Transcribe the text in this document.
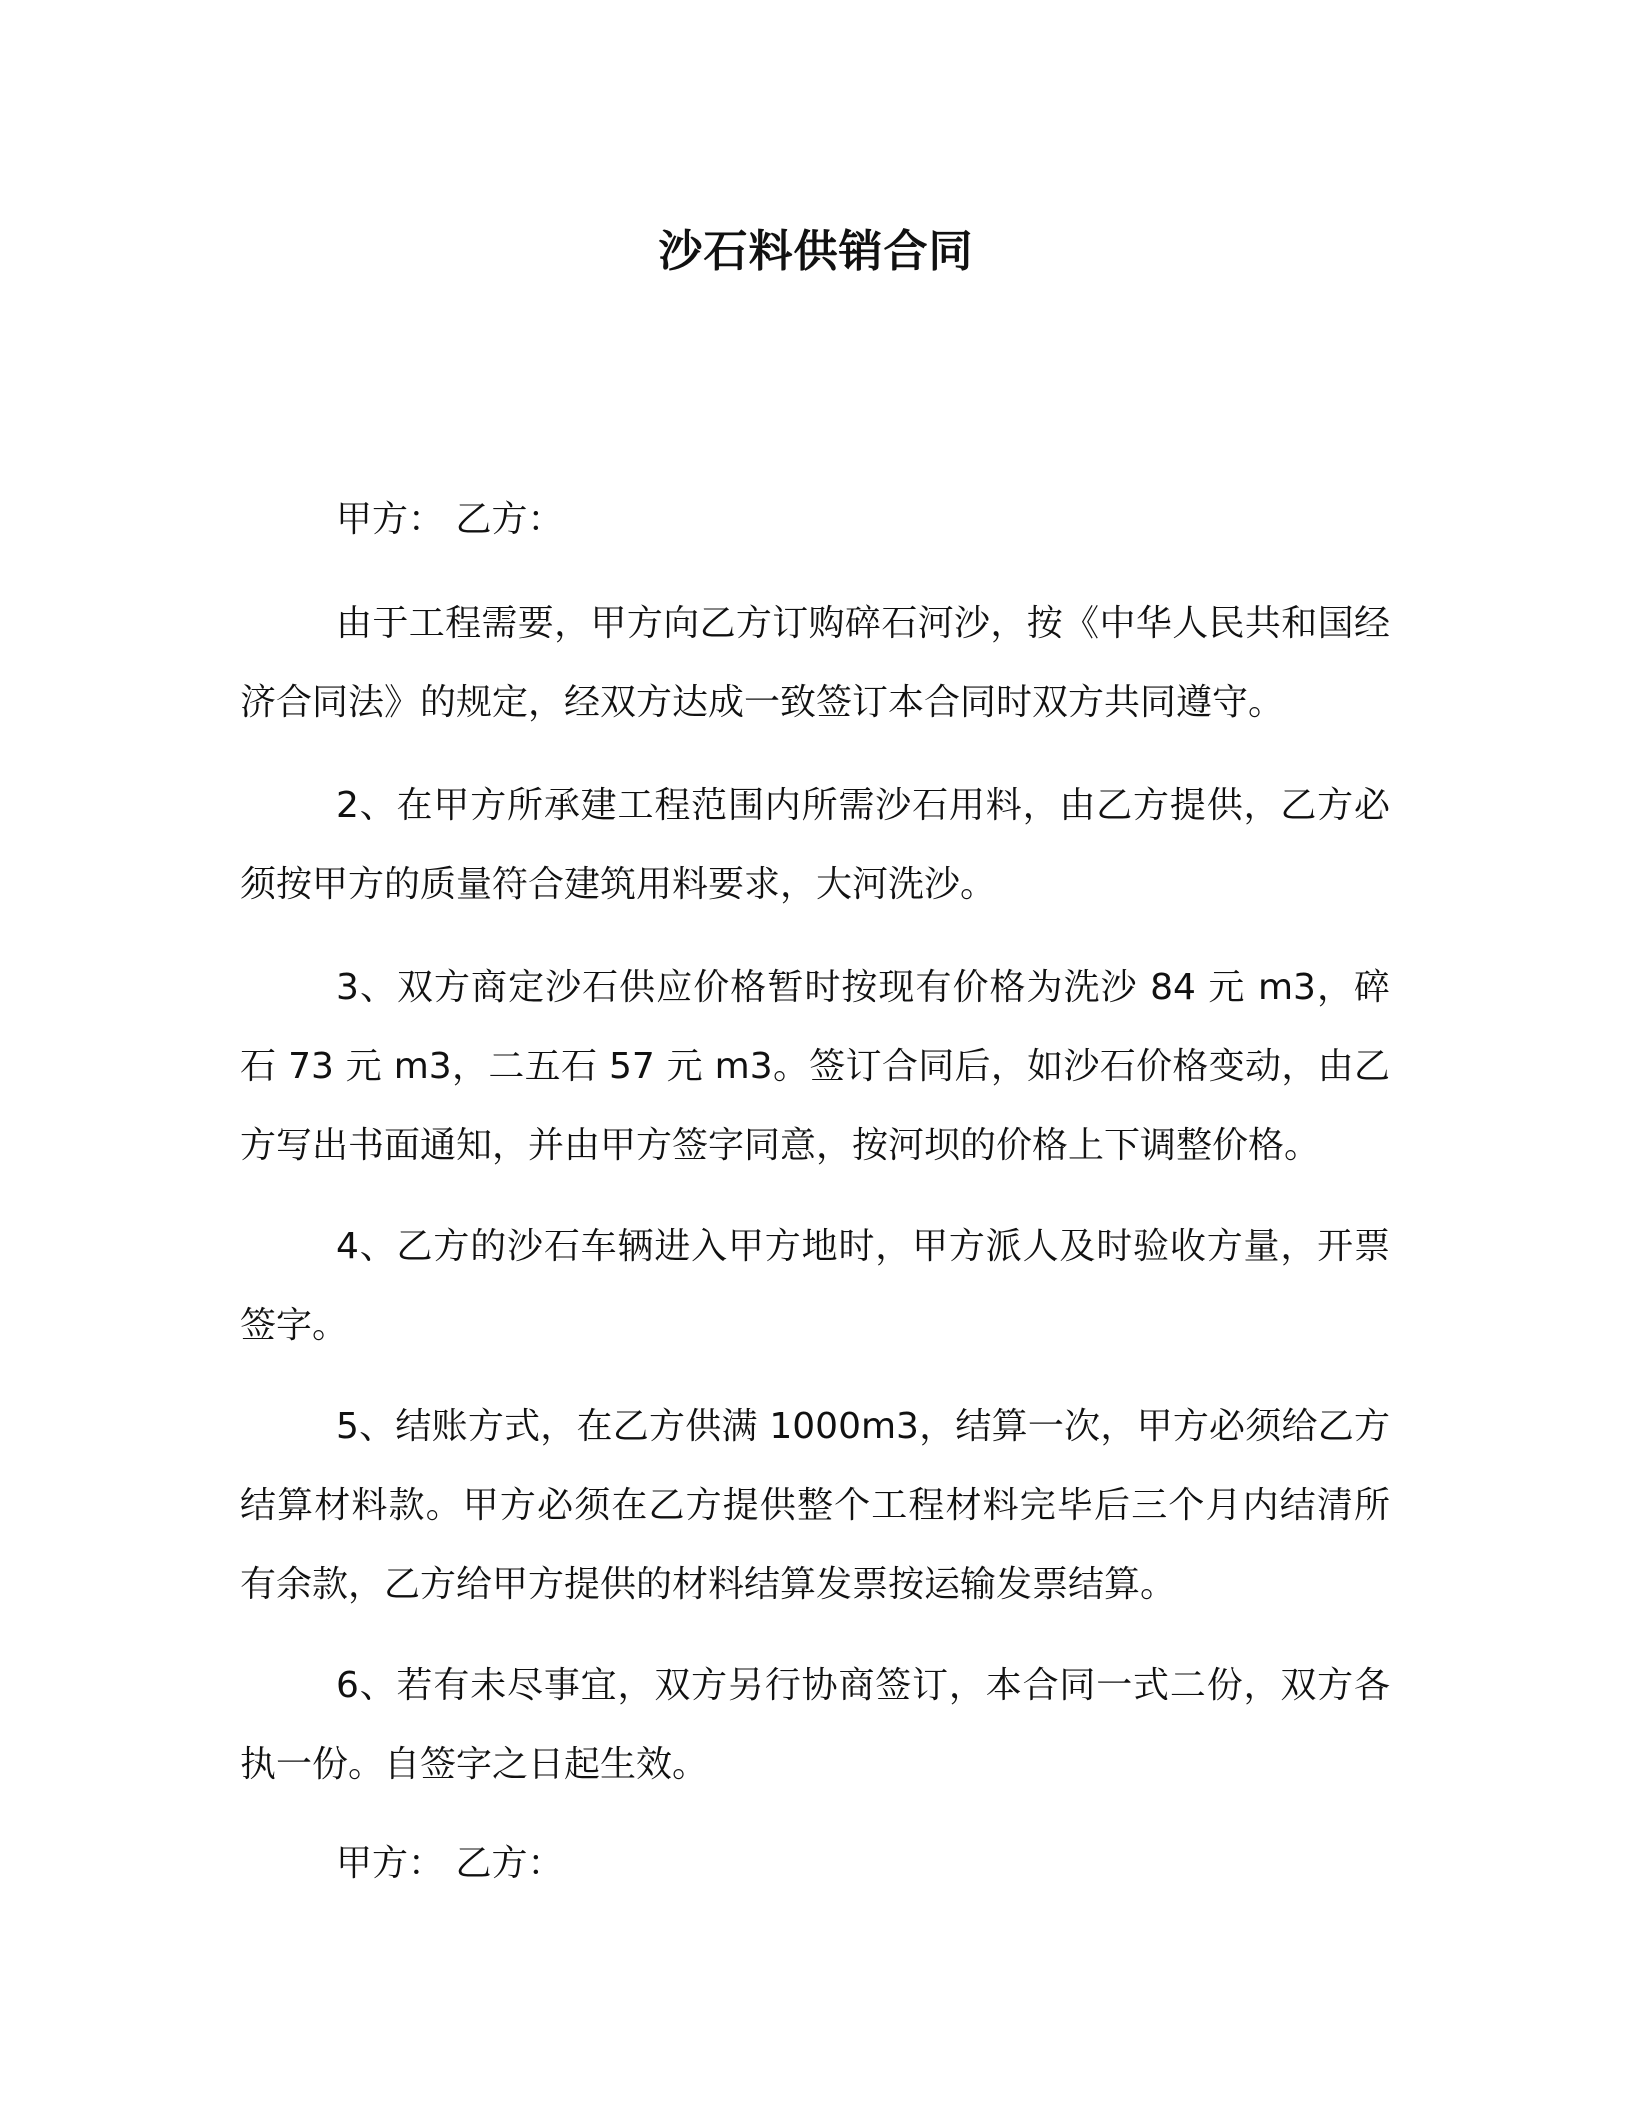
沙石料供销合同

甲方： 乙方：

由于工程需要，甲方向乙方订购碎石河沙，按《中华人民共和国经济合同法》的规定，经双方达成一致签订本合同时双方共同遵守。

2、在甲方所承建工程范围内所需沙石用料，由乙方提供，乙方必须按甲方的质量符合建筑用料要求，大河洗沙。

3、双方商定沙石供应价格暂时按现有价格为洗沙 84 元 m3，碎石 73 元 m3，二五石 57 元 m3。签订合同后，如沙石价格变动，由乙方写出书面通知，并由甲方签字同意，按河坝的价格上下调整价格。

4、乙方的沙石车辆进入甲方地时，甲方派人及时验收方量，开票签字。

5、结账方式，在乙方供满 1000m3，结算一次，甲方必须给乙方结算材料款。甲方必须在乙方提供整个工程材料完毕后三个月内结清所有余款，乙方给甲方提供的材料结算发票按运输发票结算。

6、若有未尽事宜，双方另行协商签订，本合同一式二份，双方各执一份。自签字之日起生效。

甲方： 乙方：
